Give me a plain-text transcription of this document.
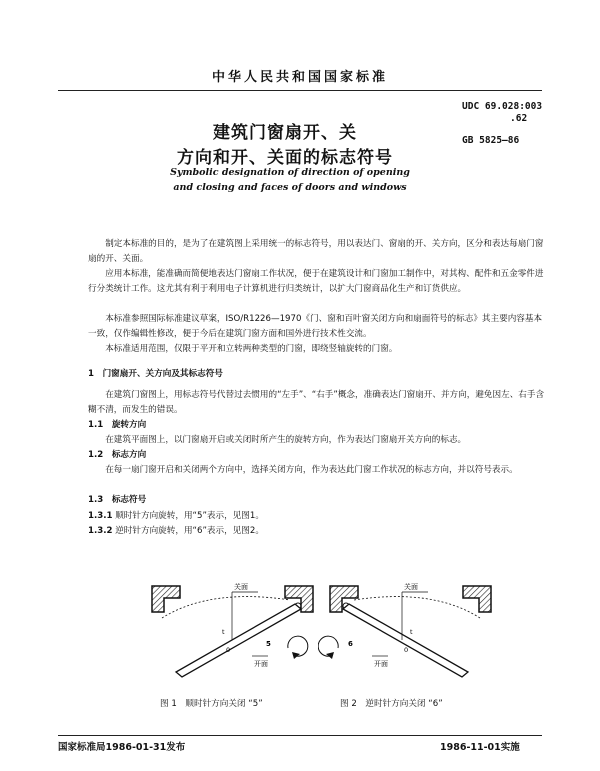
中华人民共和国国家标准
建筑门窗扇开、关
方向和开、关面的标志符号
UDC 69.028:003
.62
GB 5825—86
Symbolic designation of direction of opening
and closing and faces of doors and windows
制定本标准的目的，是为了在建筑图上采用统一的标志符号，用以表达门、窗扇的开、关方向，区分和表达每扇门窗扇的开、关面。
应用本标准，能准确而简便地表达门窗扇工作状况，便于在建筑设计和门窗加工制作中，对其构、配件和五金零件进行分类统计工作。这尤其有利于利用电子计算机进行归类统计，以扩大门窗商品化生产和订货供应。
本标准参照国际标准建议草案，ISO/R1226—1970《门、窗和百叶窗关闭方向和扇面符号的标志》其主要内容基本一致，仅作编辑性修改，便于今后在建筑门窗方面和国外进行技术性交流。
本标准适用范围，仅限于平开和立转两种类型的门窗，即绕竖轴旋转的门窗。
1　门窗扇开、关方向及其标志符号
在建筑门窗图上，用标志符号代替过去惯用的“左手”、“右手”概念，准确表达门窗扇开、并方向，避免因左、右手含糊不清，而发生的错误。
1.1　旋转方向
在建筑平面图上，以门窗扇开启或关闭时所产生的旋转方向，作为表达门窗扇开关方向的标志。
1.2　标志方向
在每一扇门窗开启和关闭两个方向中，选择关闭方向，作为表达此门窗工作状况的标志方向，并以符号表示。
1.3　标志符号
1.3.1 顺时针方向旋转，用“5”表示，见图1。
1.3.2 逆时针方向旋转，用“6”表示，见图2。
关面
t
0
开面
5
关面
t
0
开面
6
图 1　顺时针方向关闭 “5”	图 2　逆时针方向关闭 “6”
国家标准局1986-01-31发布	1986-11-01实施
